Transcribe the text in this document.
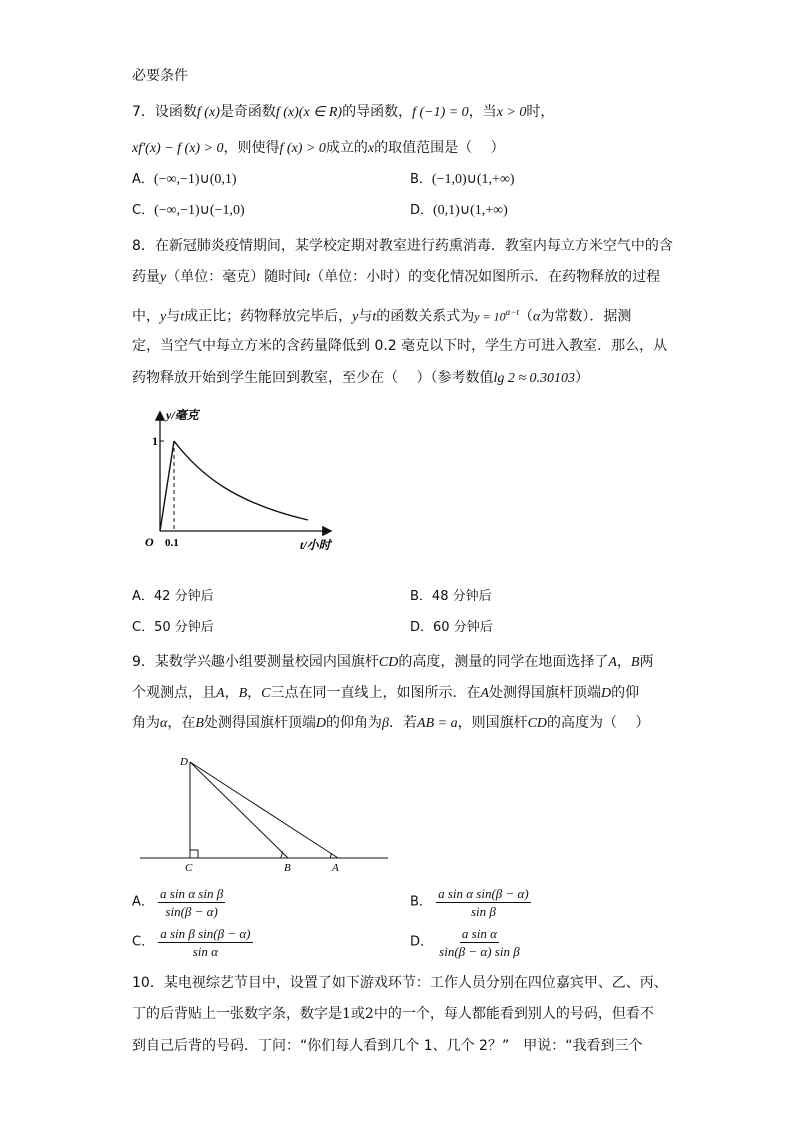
必要条件
7．设函数f (x)是奇函数f (x)(x ∈ R)的导函数，f (−1) = 0，当x > 0时，
xf′(x) − f (x) > 0，则使得f (x) > 0成立的x的取值范围是（　 ）
A．(−∞,−1)∪(0,1)	B．(−1,0)∪(1,+∞)
C．(−∞,−1)∪(−1,0)	D．(0,1)∪(1,+∞)
8．在新冠肺炎疫情期间，某学校定期对教室进行药熏消毒．教室内每立方米空气中的含
药量y（单位：毫克）随时间t（单位：小时）的变化情况如图所示．在药物释放的过程
中，y与t成正比；药物释放完毕后，y与t的函数关系式为$y = 10^{\alpha-t}(\alpha$为常数）．据测
定，当空气中每立方米的含药量降低到 0.2 毫克以下时，学生方可进入教室．那么，从
药物释放开始到学生能回到教室，至少在（　 ）（参考数值lg 2 ≈ 0.30103）
1
y/毫克
O 0.1	t/小时
A．42 分钟后	B．48 分钟后
C．50 分钟后	D．60 分钟后
9．某数学兴趣小组要测量校园内国旗杆CD的高度，测量的同学在地面选择了A，B两
个观测点，且A，B，C三点在同一直线上，如图所示．在A处测得国旗杆顶端D的仰
角为α，在B处测得国旗杆顶端D的仰角为β．若AB = a，则国旗杆CD的高度为（　 ）
D
C	B	A
A． $\frac{\text{a sin α sin β}}{\sin(\beta - \alpha)}$	B． $\frac{\text{a sin α sin(β − α)}}{\text{sin β}}$
C． $\frac{\text{a sin β sin(β − α)}}{\text{sin α}}$	D． $\frac{\text{a sin α}}{\text{sin(β − α) sin β}}$
10．某电视综艺节目中，设置了如下游戏环节：工作人员分别在四位嘉宾甲、乙、丙、
丁的后背贴上一张数字条，数字是1或2中的一个，每人都能看到别人的号码，但看不
到自己后背的号码．丁问：“你们每人看到几个 1、几个 2？”　甲说：“我看到三个
